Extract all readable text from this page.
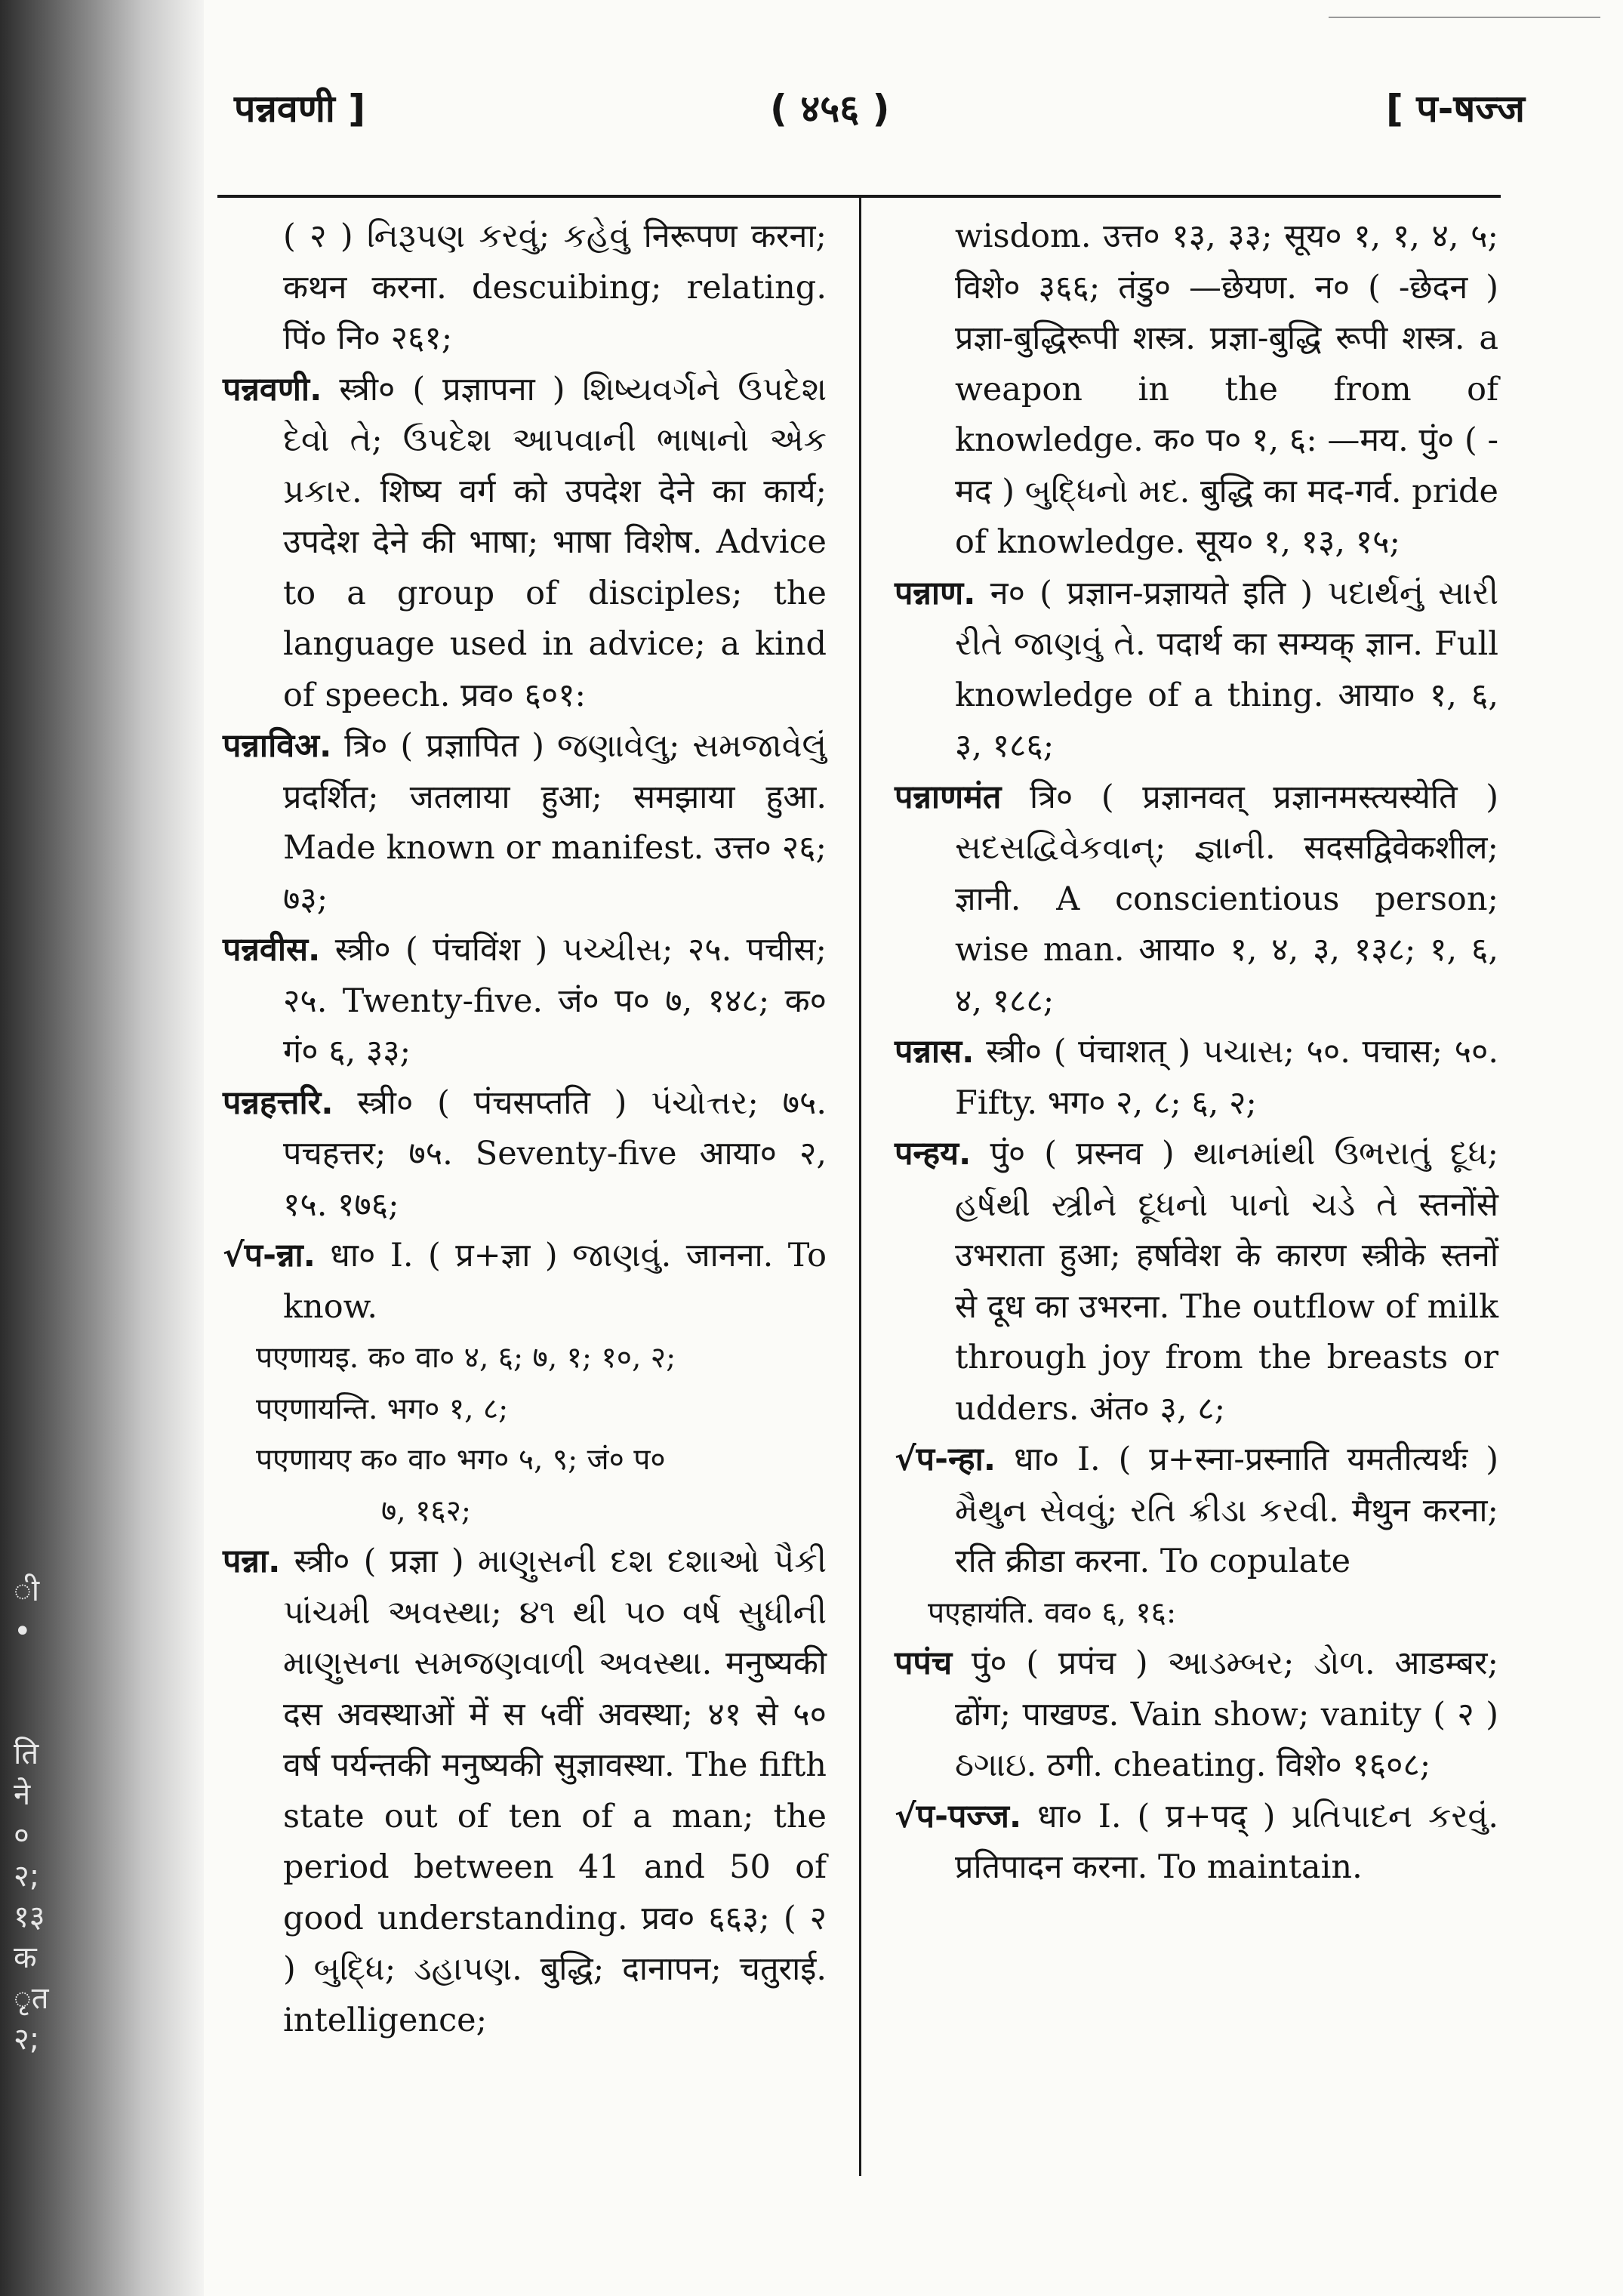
ी
•
ति
ने
०
२;
१३
क
ृत
२;
पन्नवणी ]	( ४५६ )	[ प-षज्ज

( २ ) નિરૂપણ કરવું; કહેવું निरूपण करना; कथन करना. descuibing; relating. पिं० नि० २६१;

पन्नवणी. स्त्री० ( प्रज्ञापना ) શિષ્યવર્ગને ઉપદેશ દેવો તે; ઉપદેશ આપવાની ભાષાનો એક પ્રકાર. शिष्य वर्ग को उपदेश देने का कार्य; उपदेश देने की भाषा; भाषा विशेष. Advice to a group of disciples; the language used in advice; a kind of speech. प्रव० ६०१:

पन्नाविअ. त्रि० ( प्रज्ञापित ) જણાવેલુ; સમજાવેલું प्रदर्शित; जतलाया हुआ; समझाया हुआ. Made known or manifest. उत्त० २६; ७३;

पन्नवीस. स्त्री० ( पंचविंश ) પચ્ચીસ; २५. पचीस; २५. Twenty-five. जं० प० ७, १४८; क० गं० ६, ३३;

पन्नहत्तरि. स्त्री० ( पंचसप्तति ) પંચોત્તર; ७५. पचहत्तर; ७५. Seventy-five आया० २, १५. १७६;

√प-न्ना. धा० I. ( प्र+ज्ञा ) જાણવું. जानना. To know.

पएणायइ. क० वा० ४, ६; ७, १; १०, २;
पएणायन्ति. भग० १, ८;
पएणायए क० वा० भग० ५, ९; जं० प०
७, १६२;

पन्ना. स्त्री० ( प्रज्ञा ) માણુસની દશ દશાઓ પૈકી પાંચમી અવસ્થા; ૪૧ થી ૫૦ વર્ષ સુધીની માણુસના સમજણવાળી અવસ્થા. मनुष्यकी दस अवस्थाओं में स ५वीं अवस्था; ४१ से ५० वर्ष पर्यन्तकी मनुष्यकी सुज्ञावस्था. The fifth state out of ten of a man; the period between 41 and 50 of good understanding. प्रव० ६६३; ( २ ) બુદ્ધિ; ડહાપણ. बुद्धि; दानापन; चतुराई. intelligence;

wisdom. उत्त० १३, ३३; सूय० १, १, ४, ५; विशे० ३६६; तंडु० —छेयण. न० ( -छेदन ) प्रज्ञा-बुद्धिरूपी शस्त्र. प्रज्ञा-बुद्धि रूपी शस्त्र. a weapon in the from of knowledge. क० प० १, ६: —मय. पुं० ( -मद ) બુદ્ધિનો મદ. बुद्धि का मद-गर्व. pride of knowledge. सूय० १, १३, १५;

पन्नाण. न० ( प्रज्ञान-प्रज्ञायते इति ) પદાર્થનું સારી રીતે જાણવું તે. पदार्थ का सम्यक् ज्ञान. Full knowledge of a thing. आया० १, ६, ३, १८६;

पन्नाणमंत त्रि० ( प्रज्ञानवत् प्रज्ञानमस्त्यस्येति ) સદસદ્વિવેકવાન્; જ્ઞાની. सदसद्विवेकशील; ज्ञानी. A conscientious person; wise man. आया० १, ४, ३, १३८; १, ६, ४, १८८;

पन्नास. स्त्री० ( पंचाशत् ) પચાસ; ५०. पचास; ५०. Fifty. भग० २, ८; ६, २;

पन्हय. पुं० ( प्रस्नव ) થાનમાંથી ઉભરાતું દૂધ; હર્ષથી સ્ત્રીને દૂધનો પાનો ચડે તે स्तनोंसे उभराता हुआ; हर्षावेश के कारण स्त्रीके स्तनों से दूध का उभरना. The outflow of milk through joy from the breasts or udders. अंत० ३, ८;

√प-न्हा. धा० I. ( प्र+स्ना-प्रस्नाति यमतीत्यर्थः ) મૈથુન સેવવું; રતિ ક્રીડા કરવી. मैथुन करना; रति क्रीडा करना. To copulate

पएहायंति. वव० ६, १६:

पपंच पुं० ( प्रपंच ) આડમ્બર; ડોળ. आडम्बर; ढोंग; पाखण्ड. Vain show; vanity ( २ ) ઠગાઇ. ठगी. cheating. विशे० १६०८;

√प-पज्ज. धा० I. ( प्र+पद् ) પ્રતિપાદન કરવું. प्रतिपादन करना. To maintain.
